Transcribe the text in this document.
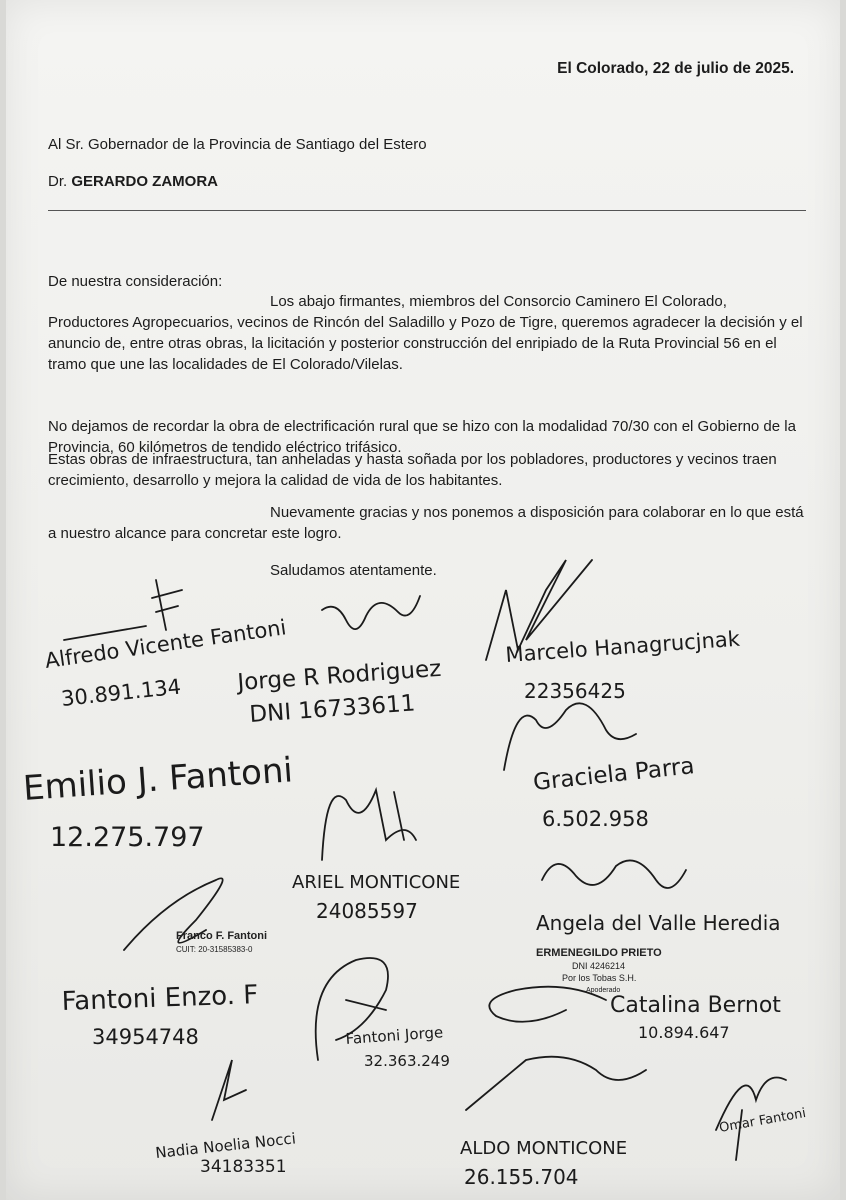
El Colorado, 22 de julio de 2025.
Al Sr. Gobernador de la Provincia de Santiago del Estero
Dr. GERARDO ZAMORA
De nuestra consideración:
Los abajo firmantes, miembros del Consorcio Caminero El Colorado, Productores Agropecuarios, vecinos de Rincón del Saladillo y Pozo de Tigre, queremos agradecer la decisión y el anuncio de, entre otras obras, la licitación y posterior construcción del enripiado de la Ruta Provincial 56 en el tramo que une las localidades de El Colorado/Vilelas.
No dejamos de recordar la obra de electrificación rural que se hizo con la modalidad 70/30 con el Gobierno de la Provincia, 60 kilómetros de tendido eléctrico trifásico.
Estas obras de infraestructura, tan anheladas y hasta soñada por los pobladores, productores y vecinos traen crecimiento, desarrollo y mejora la calidad de vida de los habitantes.
Nuevamente gracias y nos ponemos a disposición para colaborar en lo que está a nuestro alcance para concretar este logro.
Saludamos atentamente.
Alfredo Vicente Fantoni
30.891.134 Jorge R Rodriguez
DNI 16733611
Marcelo Hanagrucjnak
22356425
Emilio J. Fantoni
12.275.797
Graciela Parra
6.502.958
ARIEL MONTICONE
24085597	Angela del Valle Heredia
Fantoni Enzo. F
34954748	Fantoni Jorge
32.363.249
Catalina Bernot
10.894.647
Nadia Noelia Nocci
34183351
ALDO MONTICONE
26.155.704
Omar Fantoni
Franco F. Fantoni
CUIT: 20-31585383-0	ERMENEGILDO PRIETO
DNI 4246214
Por los Tobas S.H.
Apoderado
